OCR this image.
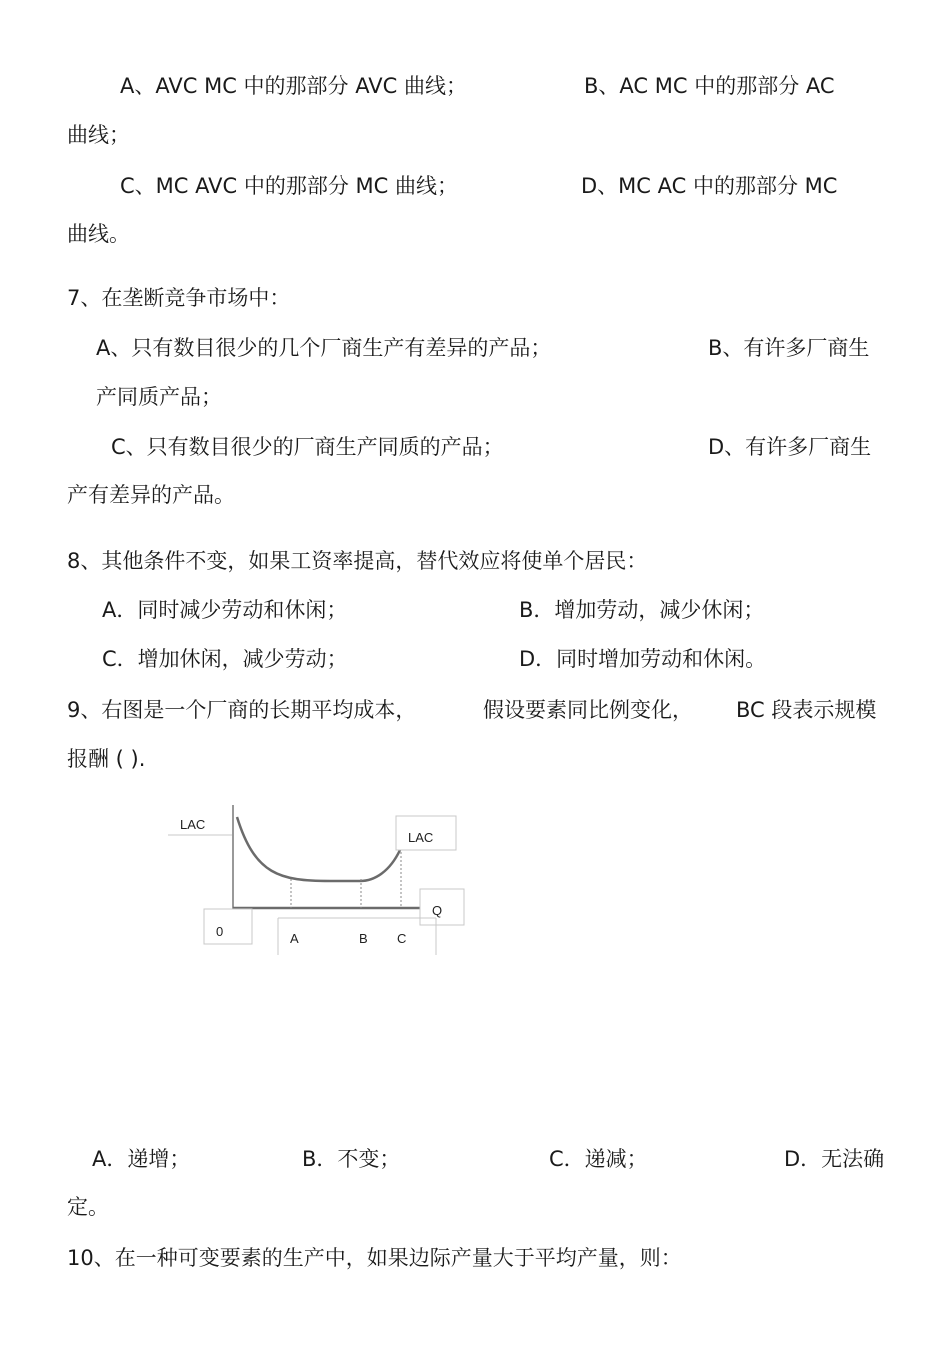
A、AVC MC 中的那部分 AVC 曲线；	B、AC MC 中的那部分 AC
曲线；
C、MC AVC 中的那部分 MC 曲线；	D、MC AC 中的那部分 MC
曲线。
7、在垄断竞争市场中：
A、只有数目很少的几个厂商生产有差异的产品；	B、有许多厂商生
产同质产品；
C、只有数目很少的厂商生产同质的产品；	D、有许多厂商生
产有差异的产品。
8、其他条件不变，如果工资率提高，替代效应将使单个居民：
A．同时减少劳动和休闲；	B．增加劳动，减少休闲；
C．增加休闲，减少劳动；	D．同时增加劳动和休闲。
9、右图是一个厂商的长期平均成本，	假设要素同比例变化， BC 段表示规模
报酬 ( ).
LAC
LAC
Q
0	A	B C
A．递增；	B．不变；	C．递减；	D．无法确
定。
10、在一种可变要素的生产中，如果边际产量大于平均产量，则：
